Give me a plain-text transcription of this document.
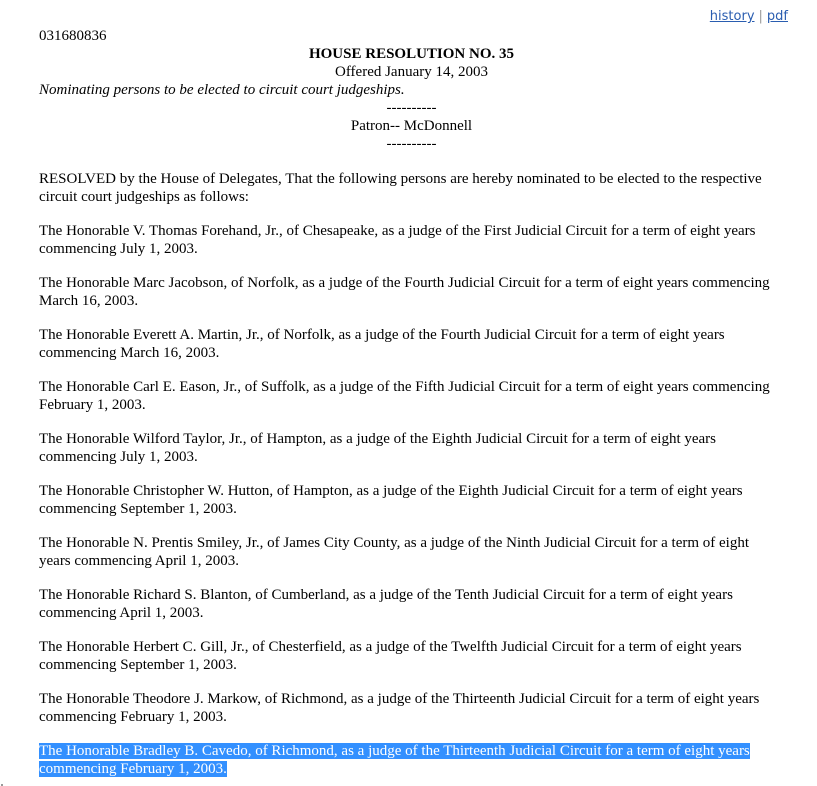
history | pdf
031680836
HOUSE RESOLUTION NO. 35
Offered January 14, 2003
Nominating persons to be elected to circuit court judgeships.
----------
Patron-- McDonnell
----------
RESOLVED by the House of Delegates, That the following persons are hereby nominated to be elected to the respective circuit court judgeships as follows:
The Honorable V. Thomas Forehand, Jr., of Chesapeake, as a judge of the First Judicial Circuit for a term of eight years commencing July 1, 2003.
The Honorable Marc Jacobson, of Norfolk, as a judge of the Fourth Judicial Circuit for a term of eight years commencing March 16, 2003.
The Honorable Everett A. Martin, Jr., of Norfolk, as a judge of the Fourth Judicial Circuit for a term of eight years commencing March 16, 2003.
The Honorable Carl E. Eason, Jr., of Suffolk, as a judge of the Fifth Judicial Circuit for a term of eight years commencing February 1, 2003.
The Honorable Wilford Taylor, Jr., of Hampton, as a judge of the Eighth Judicial Circuit for a term of eight years commencing July 1, 2003.
The Honorable Christopher W. Hutton, of Hampton, as a judge of the Eighth Judicial Circuit for a term of eight years commencing September 1, 2003.
The Honorable N. Prentis Smiley, Jr., of James City County, as a judge of the Ninth Judicial Circuit for a term of eight years commencing April 1, 2003.
The Honorable Richard S. Blanton, of Cumberland, as a judge of the Tenth Judicial Circuit for a term of eight years commencing April 1, 2003.
The Honorable Herbert C. Gill, Jr., of Chesterfield, as a judge of the Twelfth Judicial Circuit for a term of eight years commencing September 1, 2003.
The Honorable Theodore J. Markow, of Richmond, as a judge of the Thirteenth Judicial Circuit for a term of eight years commencing February 1, 2003.
The Honorable Bradley B. Cavedo, of Richmond, as a judge of the Thirteenth Judicial Circuit for a term of eight years commencing February 1, 2003.
